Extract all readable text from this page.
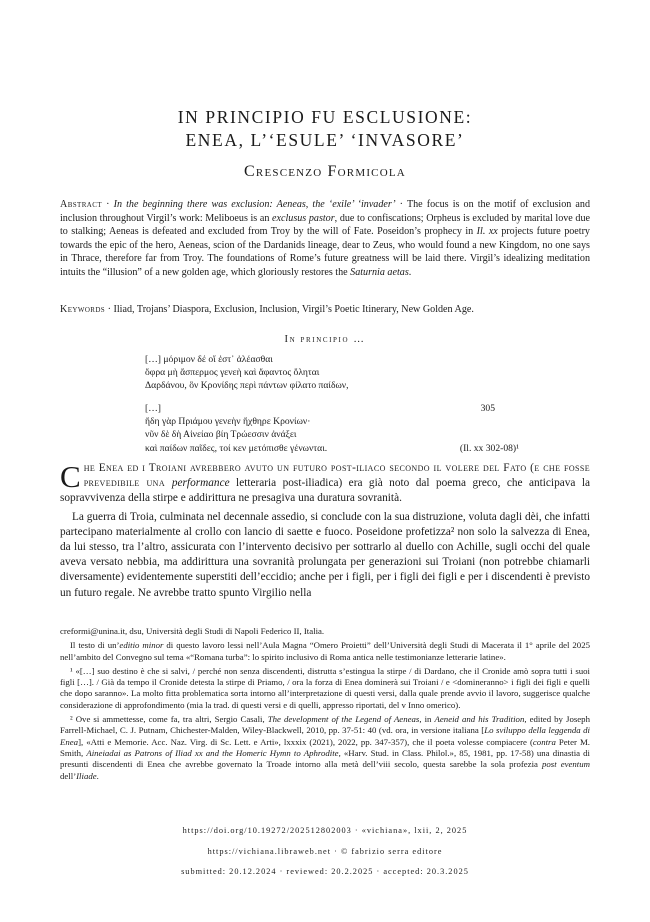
IN PRINCIPIO FU ESCLUSIONE:
ENEA, L’‘ESULE’ ‘INVASORE’
Crescenzo Formicola

Abstract · In the beginning there was exclusion: Aeneas, the ‘exile’ ‘invader’ · The focus is on the motif of exclusion and inclusion throughout Virgil’s work: Meliboeus is an exclusus pastor, due to confiscations; Orpheus is excluded by marital love due to stalking; Aeneas is defeated and excluded from Troy by the will of Fate. Poseidon’s prophecy in Il. xx projects future poetry towards the epic of the hero, Aeneas, scion of the Dardanids lineage, dear to Zeus, who would found a new Kingdom, no one says in Thrace, therefore far from Troy. The foundations of Rome’s future greatness will be laid there. Virgil’s idealizing meditation intuits the “illusion” of a new golden age, which gloriously restores the Saturnia aetas.

Keywords · Iliad, Trojans’ Diaspora, Exclusion, Inclusion, Virgil’s Poetic Itinerary, New Golden Age.

In principio …
[…] μόριμον δέ οἵ ἐστ᾽ ἀλέασθαι
ὄφρα μὴ ἄσπερμος γενεὴ καὶ ἄφαντος ὄληται
Δαρδάνου, ὃν Κρονίδης περὶ πάντων φίλατο παίδων,
[…]	305
ἤδη γὰρ Πριάμου γενεὴν ἤχθηρε Κρονίων·
νῦν δὲ δὴ Αἰνείαο βίη Τρώεσσιν ἀνάξει
καὶ παίδων παῖδες, τοί κεν μετόπισθε γένωνται.	(Il. xx 302-08)¹

Che Enea ed i Troiani avrebbero avuto un futuro post-iliaco secondo il volere del Fato (e che fosse prevedibile una performance letteraria post-iliadica) era già noto dal poema greco, che anticipava la sopravvivenza della stirpe e addirittura ne presagiva una duratura sovranità.

La guerra di Troia, culminata nel decennale assedio, si conclude con la sua distruzione, voluta dagli dèi, che infatti partecipano materialmente al crollo con lancio di saette e fuoco. Poseidone profetizza² non solo la salvezza di Enea, da lui stesso, tra l’altro, assicurata con l’intervento decisivo per sottrarlo al duello con Achille, sugli occhi del quale aveva versato nebbia, ma addirittura una sovranità prolungata per generazioni sui Troiani (non potrebbe chiamarli diversamente) evidentemente superstiti dell’eccidio; anche per i figli, per i figli dei figli e per i discendenti è previsto un futuro regale. Ne avrebbe tratto spunto Virgilio nella

creformi@unina.it, dsu, Università degli Studi di Napoli Federico II, Italia.

Il testo di un’editio minor di questo lavoro lessi nell’Aula Magna “Omero Proietti” dell’Università degli Studi di Macerata il 1° aprile del 2025 nell’ambito del Convegno sul tema «“Romana turba”: lo spirito inclusivo di Roma antica nelle testimonianze letterarie latine».

¹ «[…] suo destino è che si salvi, / perché non senza discendenti, distrutta s’estingua la stirpe / di Dardano, che il Cronide amò sopra tutti i suoi figli […]. / Già da tempo il Cronide detesta la stirpe di Priamo, / ora la forza di Enea dominerà sui Troiani / e <domineranno> i figli dei figli e quelli che dopo saranno». La molto fitta problematica sorta intorno all’interpretazione di questi versi, dalla quale prende avvio il lavoro, suggerisce qualche considerazione di approfondimento (mia la trad. di questi versi e di quelli, appresso riportati, del v Inno omerico).

² Ove si ammettesse, come fa, tra altri, Sergio Casali, The development of the Legend of Aeneas, in Aeneid and his Tradition, edited by Joseph Farrell-Michael, C. J. Putnam, Chichester-Malden, Wiley-Blackwell, 2010, pp. 37-51: 40 (vd. ora, in versione italiana [Lo sviluppo della leggenda di Enea], «Atti e Memorie. Acc. Naz. Virg. di Sc. Lett. e Arti», lxxxix (2021), 2022, pp. 347-357), che il poeta volesse compiacere (contra Peter M. Smith, Aineiadai as Patrons of Iliad xx and the Homeric Hymn to Aphrodite, «Harv. Stud. in Class. Philol.», 85, 1981, pp. 17-58) una dinastia di presunti discendenti di Enea che avrebbe governato la Troade intorno alla metà dell’viii secolo, questa sarebbe la sola profezia post eventum dell’Iliade.

https://doi.org/10.19272/202512802003 · «vichiana», lxii, 2, 2025
https://vichiana.libraweb.net · © fabrizio serra editore
submitted: 20.12.2024 · reviewed: 20.2.2025 · accepted: 20.3.2025
